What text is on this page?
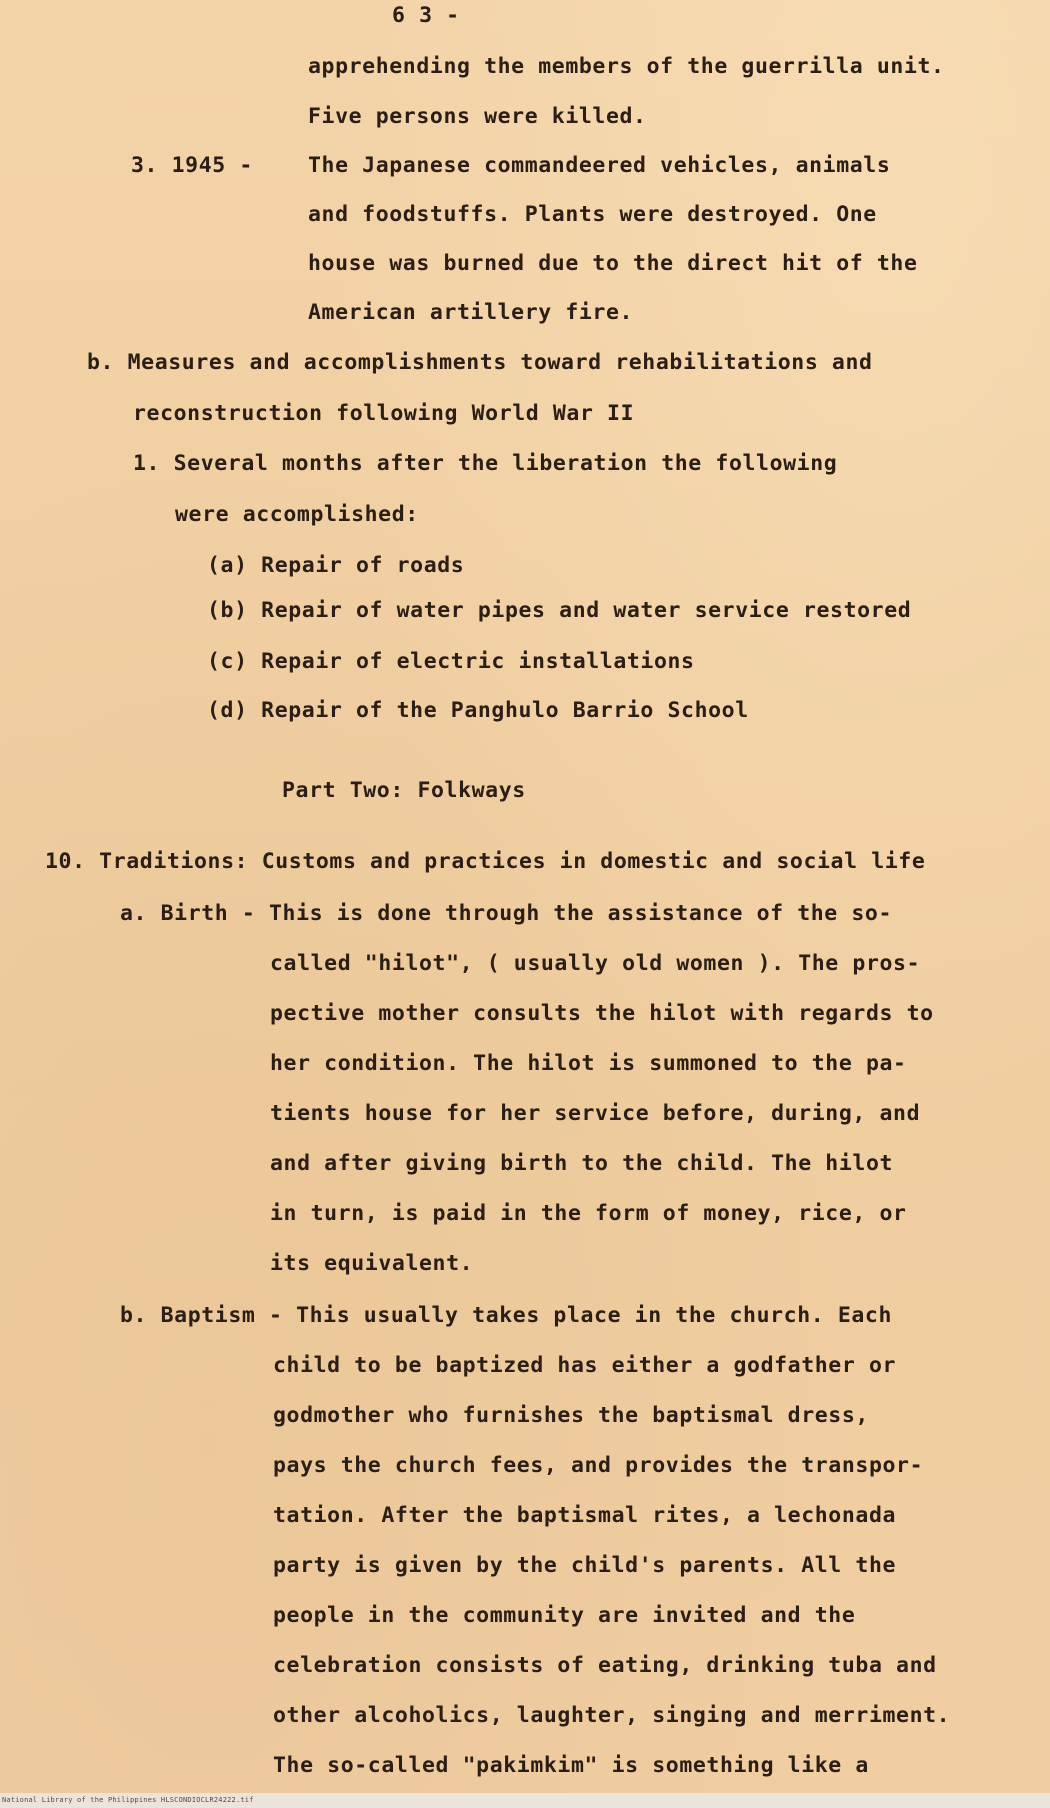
6 3 -
apprehending the members of the guerrilla unit.
Five persons were killed.
3. 1945 -	The Japanese commandeered vehicles, animals
and foodstuffs. Plants were destroyed. One
house was burned due to the direct hit of the
American artillery fire.
b. Measures and accomplishments toward rehabilitations and
reconstruction following World War II
1. Several months after the liberation the following
were accomplished:
(a) Repair of roads
(b) Repair of water pipes and water service restored
(c) Repair of electric installations
(d) Repair of the Panghulo Barrio School
Part Two: Folkways
10. Traditions: Customs and practices in domestic and social life
a. Birth - This is done through the assistance of the so-
called "hilot", ( usually old women ). The pros-
pective mother consults the hilot with regards to
her condition. The hilot is summoned to the pa-
tients house for her service before, during, and
and after giving birth to the child. The hilot
in turn, is paid in the form of money, rice, or
its equivalent.
b. Baptism - This usually takes place in the church. Each
child to be baptized has either a godfather or
godmother who furnishes the baptismal dress,
pays the church fees, and provides the transpor-
tation. After the baptismal rites, a lechonada
party is given by the child's parents. All the
people in the community are invited and the
celebration consists of eating, drinking tuba and
other alcoholics, laughter, singing and merriment.
The so-called "pakimkim" is something like a
National Library of the Philippines HLSCONDIOCLR24222.tif
